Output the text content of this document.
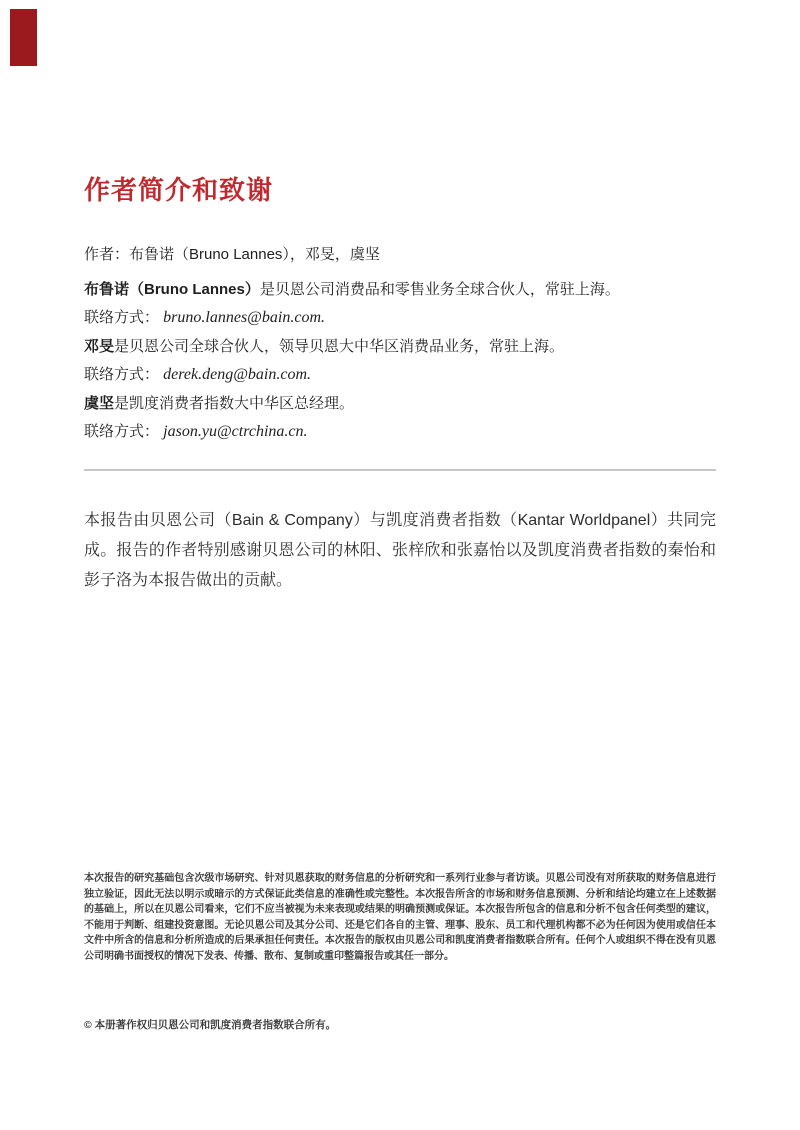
作者简介和致谢

作者：布鲁诺（Bruno Lannes），邓旻，虞坚

布鲁诺（Bruno Lannes）是贝恩公司消费品和零售业务全球合伙人，常驻上海。

联络方式： bruno.lannes@bain.com.

邓旻是贝恩公司全球合伙人，领导贝恩大中华区消费品业务，常驻上海。

联络方式： derek.deng@bain.com.

虞坚是凯度消费者指数大中华区总经理。

联络方式： jason.yu@ctrchina.cn.

本报告由贝恩公司（Bain & Company）与凯度消费者指数（Kantar Worldpanel）共同完成。报告的作者特别感谢贝恩公司的林阳、张梓欣和张嘉怡以及凯度消费者指数的秦怡和彭子洛为本报告做出的贡献。

本次报告的研究基础包含次级市场研究、针对贝恩获取的财务信息的分析研究和一系列行业参与者访谈。贝恩公司没有对所获取的财务信息进行独立验证，因此无法以明示或暗示的方式保证此类信息的准确性或完整性。本次报告所含的市场和财务信息预测、分析和结论均建立在上述数据的基础上，所以在贝恩公司看来，它们不应当被视为未来表现或结果的明确预测或保证。本次报告所包含的信息和分析不包含任何类型的建议，不能用于判断、组建投资意图。无论贝恩公司及其分公司、还是它们各自的主管、理事、股东、员工和代理机构都不必为任何因为使用或信任本文件中所含的信息和分析所造成的后果承担任何责任。本次报告的版权由贝恩公司和凯度消费者指数联合所有。任何个人或组织不得在没有贝恩公司明确书面授权的情况下发表、传播、散布、复制或重印整篇报告或其任一部分。

© 本册著作权归贝恩公司和凯度消费者指数联合所有。
